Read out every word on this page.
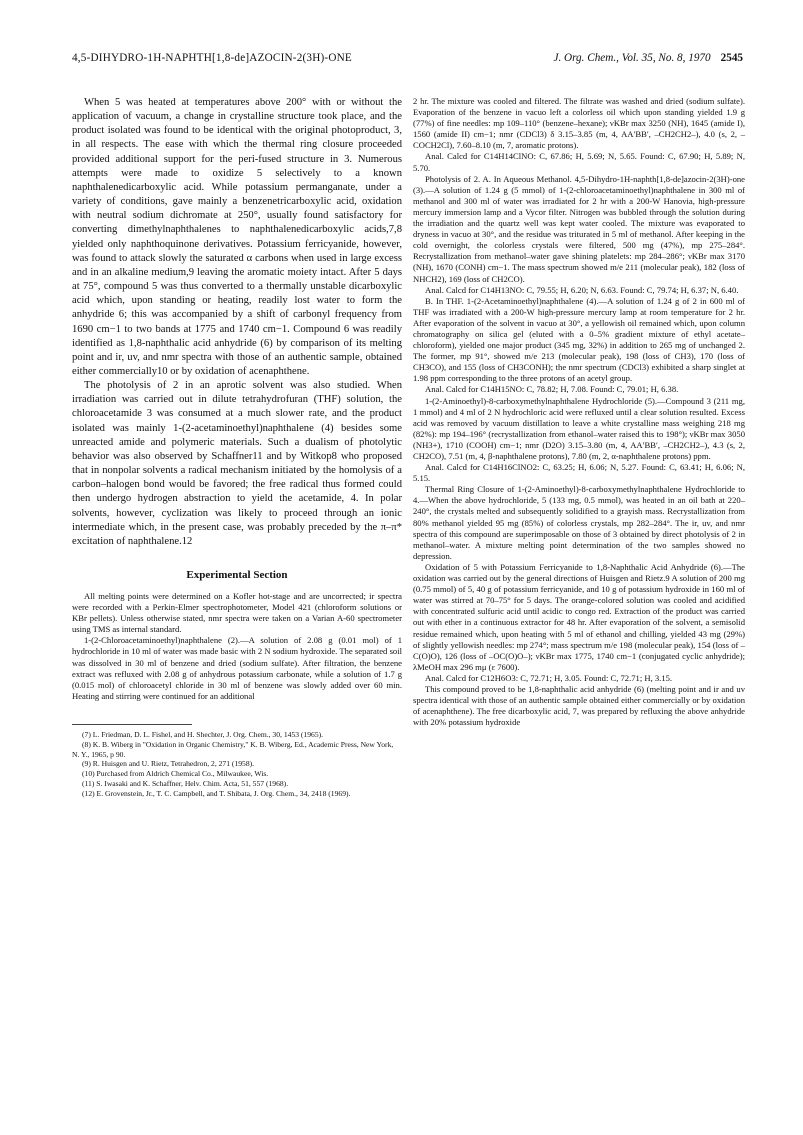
4,5-DIHYDRO-1H-NAPHTH[1,8-de]AZOCIN-2(3H)-ONE	J. Org. Chem., Vol. 35, No. 8, 1970 2545

When 5 was heated at temperatures above 200° with or without the application of vacuum, a change in crystalline structure took place, and the product isolated was found to be identical with the original photoproduct, 3, in all respects. The ease with which the thermal ring closure proceeded provided additional support for the peri-fused structure in 3. Numerous attempts were made to oxidize 5 selectively to a known naphthalenedicarboxylic acid. While potassium permanganate, under a variety of conditions, gave mainly a benzenetricarboxylic acid, oxidation with neutral sodium dichromate at 250°, usually found satisfactory for converting dimethylnaphthalenes to naphthalenedicarboxylic acids,7,8 yielded only naphthoquinone derivatives. Potassium ferricyanide, however, was found to attack slowly the saturated α carbons when used in large excess and in an alkaline medium,9 leaving the aromatic moiety intact. After 5 days at 75°, compound 5 was thus converted to a thermally unstable dicarboxylic acid which, upon standing or heating, readily lost water to form the anhydride 6; this was accompanied by a shift of carbonyl frequency from 1690 cm−1 to two bands at 1775 and 1740 cm−1. Compound 6 was readily identified as 1,8-naphthalic acid anhydride (6) by comparison of its melting point and ir, uv, and nmr spectra with those of an authentic sample, obtained either commercially10 or by oxidation of acenaphthene.

The photolysis of 2 in an aprotic solvent was also studied. When irradiation was carried out in dilute tetrahydrofuran (THF) solution, the chloroacetamide 3 was consumed at a much slower rate, and the product isolated was mainly 1-(2-acetaminoethyl)naphthalene (4) besides some unreacted amide and polymeric materials. Such a dualism of photolytic behavior was also observed by Schaffner11 and by Witkop8 who proposed that in nonpolar solvents a radical mechanism initiated by the homolysis of a carbon–halogen bond would be favored; the free radical thus formed could then undergo hydrogen abstraction to yield the acetamide, 4. In polar solvents, however, cyclization was likely to proceed through an ionic intermediate which, in the present case, was probably preceded by the π–π* excitation of naphthalene.12

Experimental Section

All melting points were determined on a Kofler hot-stage and are uncorrected; ir spectra were recorded with a Perkin-Elmer spectrophotometer, Model 421 (chloroform solutions or KBr pellets). Unless otherwise stated, nmr spectra were taken on a Varian A-60 spectrometer using TMS as internal standard.

1-(2-Chloroacetaminoethyl)naphthalene (2).—A solution of 2.08 g (0.01 mol) of 1 hydrochloride in 10 ml of water was made basic with 2 N sodium hydroxide. The separated soil was dissolved in 30 ml of benzene and dried (sodium sulfate). After filtration, the benzene extract was refluxed with 2.08 g of anhydrous potassium carbonate, while a solution of 1.7 g (0.015 mol) of chloroacetyl chloride in 30 ml of benzene was slowly added over 60 min. Heating and stirring were continued for an additional

(7) L. Friedman, D. L. Fishel, and H. Shechter, J. Org. Chem., 30, 1453 (1965).

(8) K. B. Wiberg in "Oxidation in Organic Chemistry," K. B. Wiberg, Ed., Academic Press, New York, N. Y., 1965, p 90.

(9) R. Huisgen and U. Rietz, Tetrahedron, 2, 271 (1958).

(10) Purchased from Aldrich Chemical Co., Milwaukee, Wis.

(11) S. Iwasaki and K. Schaffner, Helv. Chim. Acta, 51, 557 (1968).

(12) E. Grovenstein, Jr., T. C. Campbell, and T. Shibata, J. Org. Chem., 34, 2418 (1969).

2 hr. The mixture was cooled and filtered. The filtrate was washed and dried (sodium sulfate). Evaporation of the benzene in vacuo left a colorless oil which upon standing yielded 1.9 g (77%) of fine needles: mp 109–110° (benzene–hexane); νKBr max 3250 (NH), 1645 (amide I), 1560 (amide II) cm−1; nmr (CDCl3) δ 3.15–3.85 (m, 4, AA′BB′, –CH2CH2–), 4.0 (s, 2, –COCH2Cl), 7.60–8.10 (m, 7, aromatic protons).

Anal. Calcd for C14H14ClNO: C, 67.86; H, 5.69; N, 5.65. Found: C, 67.90; H, 5.89; N, 5.70.

Photolysis of 2. A. In Aqueous Methanol. 4,5-Dihydro-1H-naphth[1,8-de]azocin-2(3H)-one (3).—A solution of 1.24 g (5 mmol) of 1-(2-chloroacetaminoethyl)naphthalene in 300 ml of methanol and 300 ml of water was irradiated for 2 hr with a 200-W Hanovia, high-pressure mercury immersion lamp and a Vycor filter. Nitrogen was bubbled through the solution during the irradiation and the quartz well was kept water cooled. The mixture was evaporated to dryness in vacuo at 30°, and the residue was triturated in 5 ml of methanol. After keeping in the cold overnight, the colorless crystals were filtered, 500 mg (47%), mp 275–284°. Recrystallization from methanol–water gave shining platelets: mp 284–286°; νKBr max 3170 (NH), 1670 (CONH) cm−1. The mass spectrum showed m/e 211 (molecular peak), 182 (loss of NHCH2), 169 (loss of CH2CO).

Anal. Calcd for C14H13NO: C, 79.55; H, 6.20; N, 6.63. Found: C, 79.74; H, 6.37; N, 6.40.

B. In THF. 1-(2-Acetaminoethyl)naphthalene (4).—A solution of 1.24 g of 2 in 600 ml of THF was irradiated with a 200-W high-pressure mercury lamp at room temperature for 2 hr. After evaporation of the solvent in vacuo at 30°, a yellowish oil remained which, upon column chromatography on silica gel (eluted with a 0–5% gradient mixture of ethyl acetate–chloroform), yielded one major product (345 mg, 32%) in addition to 265 mg of unchanged 2. The former, mp 91°, showed m/e 213 (molecular peak), 198 (loss of CH3), 170 (loss of CH3CO), and 155 (loss of CH3CONH); the nmr spectrum (CDCl3) exhibited a sharp singlet at 1.98 ppm corresponding to the three protons of an acetyl group.

Anal. Calcd for C14H15NO: C, 78.82; H, 7.08. Found: C, 79.01; H, 6.38.

1-(2-Aminoethyl)-8-carboxymethylnaphthalene Hydrochloride (5).—Compound 3 (211 mg, 1 mmol) and 4 ml of 2 N hydrochloric acid were refluxed until a clear solution resulted. Excess acid was removed by vacuum distillation to leave a white crystalline mass weighing 218 mg (82%): mp 194–196° (recrystallization from ethanol–water raised this to 198°); νKBr max 3050 (NH3+), 1710 (COOH) cm−1; nmr (D2O) 3.15–3.80 (m, 4, AA′BB′, –CH2CH2–), 4.3 (s, 2, CH2CO), 7.51 (m, 4, β-naphthalene protons), 7.80 (m, 2, α-naphthalene protons) ppm.

Anal. Calcd for C14H16ClNO2: C, 63.25; H, 6.06; N, 5.27. Found: C, 63.41; H, 6.06; N, 5.15.

Thermal Ring Closure of 1-(2-Aminoethyl)-8-carboxymethylnaphthalene Hydrochloride to 4.—When the above hydrochloride, 5 (133 mg, 0.5 mmol), was heated in an oil bath at 220–240°, the crystals melted and subsequently solidified to a grayish mass. Recrystallization from 80% methanol yielded 95 mg (85%) of colorless crystals, mp 282–284°. The ir, uv, and nmr spectra of this compound are superimposable on those of 3 obtained by direct photolysis of 2 in methanol–water. A mixture melting point determination of the two samples showed no depression.

Oxidation of 5 with Potassium Ferricyanide to 1,8-Naphthalic Acid Anhydride (6).—The oxidation was carried out by the general directions of Huisgen and Rietz.9 A solution of 200 mg (0.75 mmol) of 5, 40 g of potassium ferricyanide, and 10 g of potassium hydroxide in 160 ml of water was stirred at 70–75° for 5 days. The orange-colored solution was cooled and acidified with concentrated sulfuric acid until acidic to congo red. Extraction of the product was carried out with ether in a continuous extractor for 48 hr. After evaporation of the solvent, a semisolid residue remained which, upon heating with 5 ml of ethanol and chilling, yielded 43 mg (29%) of slightly yellowish needles: mp 274°; mass spectrum m/e 198 (molecular peak), 154 (loss of –C(O)O), 126 (loss of –OC(O)O–); νKBr max 1775, 1740 cm−1 (conjugated cyclic anhydride); λMeOH max 296 mμ (ε 7600).

Anal. Calcd for C12H6O3: C, 72.71; H, 3.05. Found: C, 72.71; H, 3.15.

This compound proved to be 1,8-naphthalic acid anhydride (6) (melting point and ir and uv spectra identical with those of an authentic sample obtained either commercially or by oxidation of acenaphthene). The free dicarboxylic acid, 7, was prepared by refluxing the above anhydride with 20% potassium hydroxide
